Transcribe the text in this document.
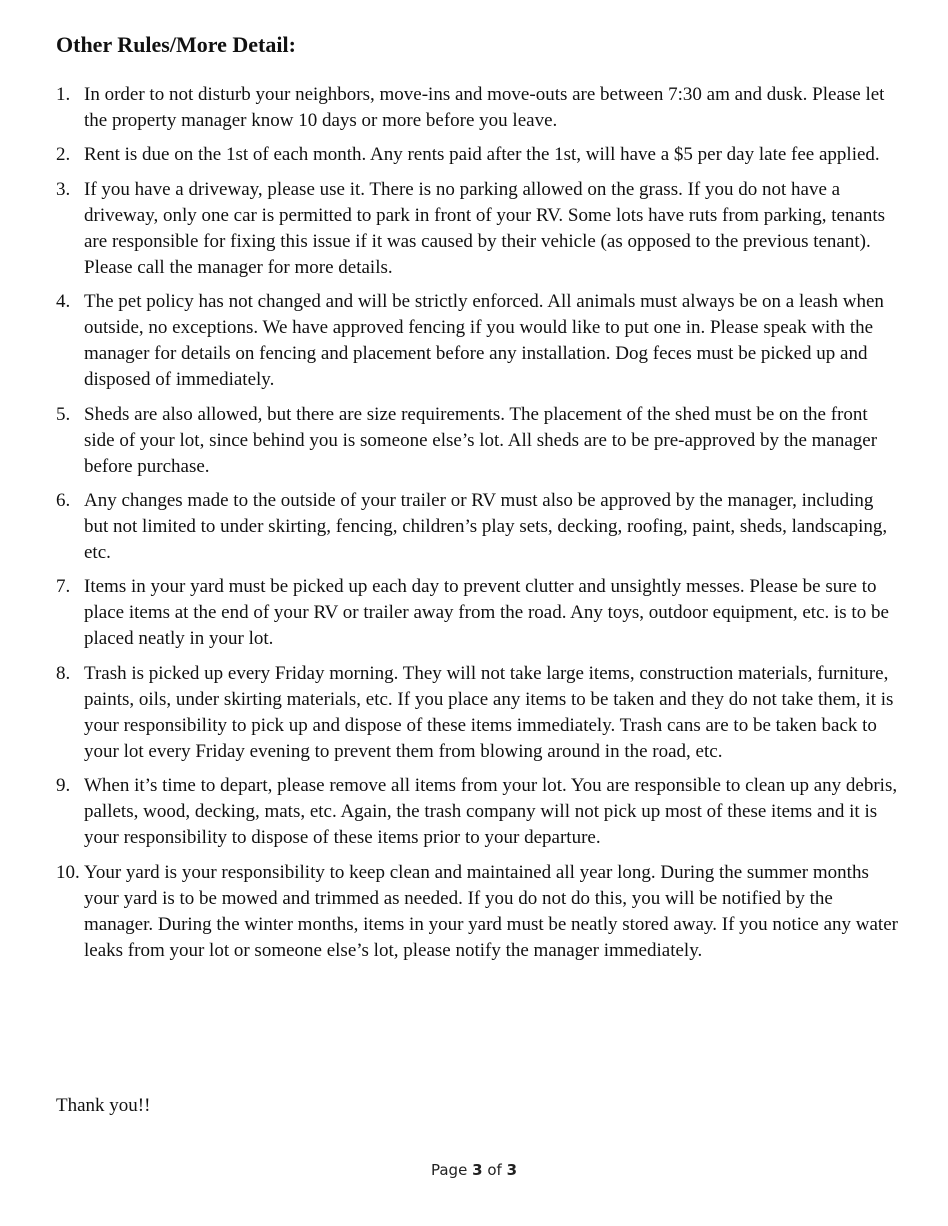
Other Rules/More Detail:
1. In order to not disturb your neighbors, move-ins and move-outs are between 7:30 am and dusk. Please let the property manager know 10 days or more before you leave.
2. Rent is due on the 1st of each month. Any rents paid after the 1st, will have a $5 per day late fee applied.
3. If you have a driveway, please use it. There is no parking allowed on the grass. If you do not have a driveway, only one car is permitted to park in front of your RV. Some lots have ruts from parking, tenants are responsible for fixing this issue if it was caused by their vehicle (as opposed to the previous tenant). Please call the manager for more details.
4. The pet policy has not changed and will be strictly enforced. All animals must always be on a leash when outside, no exceptions. We have approved fencing if you would like to put one in. Please speak with the manager for details on fencing and placement before any installation. Dog feces must be picked up and disposed of immediately.
5. Sheds are also allowed, but there are size requirements. The placement of the shed must be on the front side of your lot, since behind you is someone else’s lot. All sheds are to be pre-approved by the manager before purchase.
6. Any changes made to the outside of your trailer or RV must also be approved by the manager, including but not limited to under skirting, fencing, children’s play sets, decking, roofing, paint, sheds, landscaping, etc.
7. Items in your yard must be picked up each day to prevent clutter and unsightly messes. Please be sure to place items at the end of your RV or trailer away from the road. Any toys, outdoor equipment, etc. is to be placed neatly in your lot.
8. Trash is picked up every Friday morning. They will not take large items, construction materials, furniture, paints, oils, under skirting materials, etc. If you place any items to be taken and they do not take them, it is your responsibility to pick up and dispose of these items immediately. Trash cans are to be taken back to your lot every Friday evening to prevent them from blowing around in the road, etc.
9. When it’s time to depart, please remove all items from your lot. You are responsible to clean up any debris, pallets, wood, decking, mats, etc. Again, the trash company will not pick up most of these items and it is your responsibility to dispose of these items prior to your departure.
10. Your yard is your responsibility to keep clean and maintained all year long. During the summer months your yard is to be mowed and trimmed as needed. If you do not do this, you will be notified by the manager. During the winter months, items in your yard must be neatly stored away. If you notice any water leaks from your lot or someone else’s lot, please notify the manager immediately.
Thank you!!
Page 3 of 3
